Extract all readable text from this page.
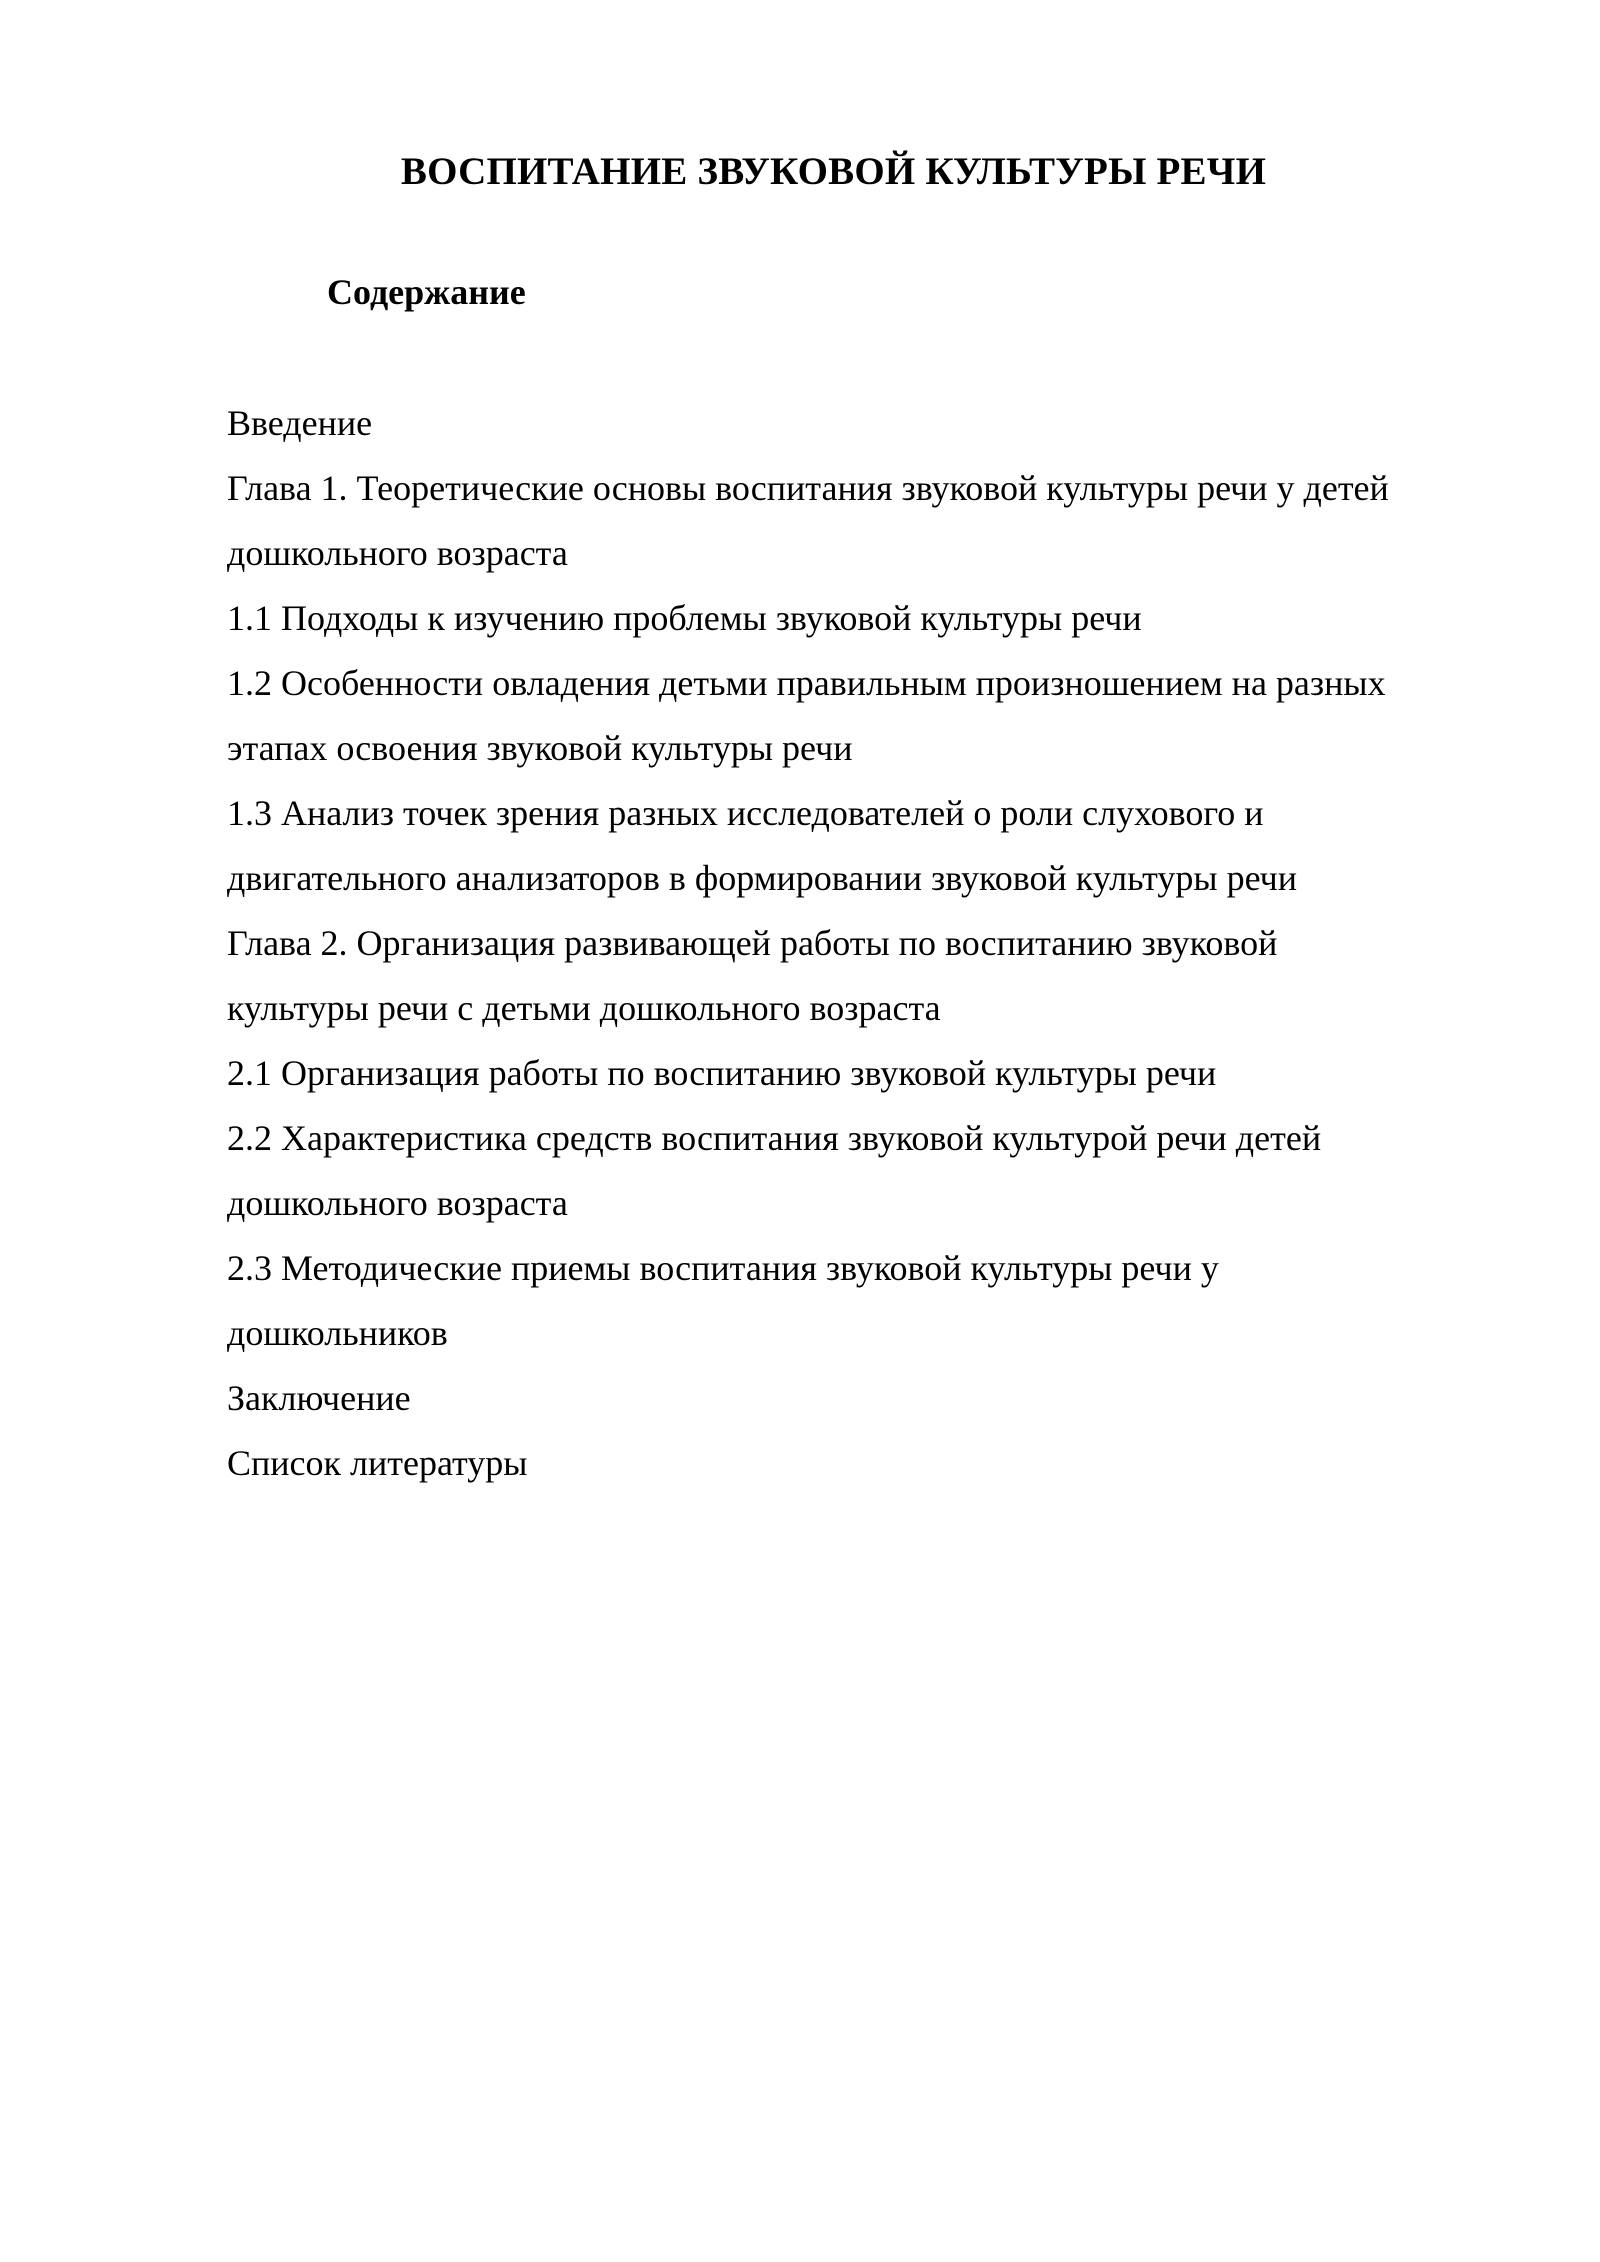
ВОСПИТАНИЕ ЗВУКОВОЙ КУЛЬТУРЫ РЕЧИ
Содержание
Введение
Глава 1. Теоретические основы воспитания звуковой культуры речи у детей
дошкольного возраста
1.1 Подходы к изучению проблемы звуковой культуры речи
1.2 Особенности овладения детьми правильным произношением на разных
этапах освоения звуковой культуры речи
1.3 Анализ точек зрения разных исследователей о роли слухового и
двигательного анализаторов в формировании звуковой культуры речи
Глава 2. Организация развивающей работы по воспитанию звуковой
культуры речи с детьми дошкольного возраста
2.1 Организация работы по воспитанию звуковой культуры речи
2.2 Характеристика средств воспитания звуковой культурой речи детей
дошкольного возраста
2.3 Методические приемы воспитания звуковой культуры речи у
дошкольников
Заключение
Список литературы
